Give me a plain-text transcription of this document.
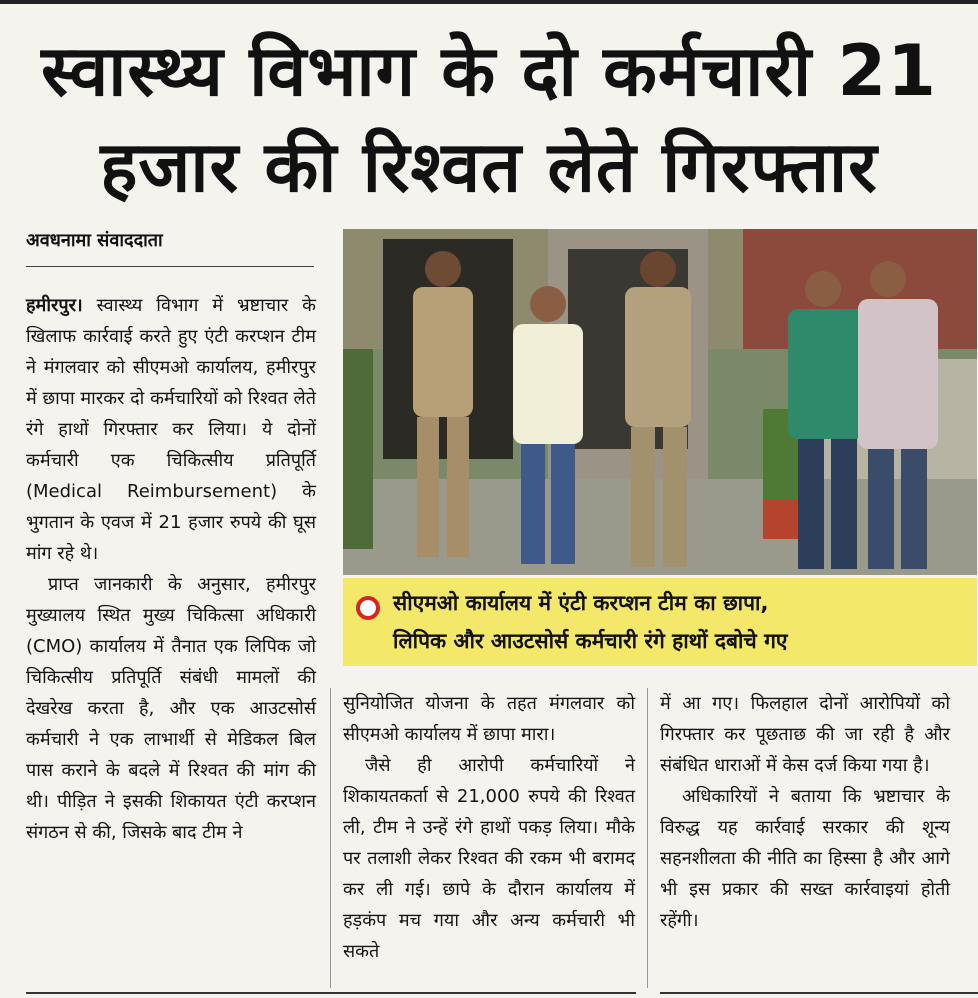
स्वास्थ्य विभाग के दो कर्मचारी 21
हजार की रिश्वत लेते गिरफ्तार
अवधनामा संवाददाता

हमीरपुर। स्वास्थ्य विभाग में भ्रष्टाचार के खिलाफ कार्रवाई करते हुए एंटी करप्शन टीम ने मंगलवार को सीएमओ कार्यालय, हमीरपुर में छापा मारकर दो कर्मचारियों को रिश्वत लेते रंगे हाथों गिरफ्तार कर लिया। ये दोनों कर्मचारी एक चिकित्सीय प्रतिपूर्ति (Medical Reimbursement) के भुगतान के एवज में 21 हजार रुपये की घूस मांग रहे थे।

प्राप्त जानकारी के अनुसार, हमीरपुर मुख्यालय स्थित मुख्य चिकित्सा अधिकारी (CMO) कार्यालय में तैनात एक लिपिक जो चिकित्सीय प्रतिपूर्ति संबंधी मामलों की देखरेख करता है, और एक आउटसोर्स कर्मचारी ने एक लाभार्थी से मेडिकल बिल पास कराने के बदले में रिश्वत की मांग की थी। पीड़ित ने इसकी शिकायत एंटी करप्शन संगठन से की, जिसके बाद टीम ने

सीएमओ कार्यालय में एंटी करप्शन टीम का छापा,
लिपिक और आउटसोर्स कर्मचारी रंगे हाथों दबोचे गए

सुनियोजित योजना के तहत मंगलवार को सीएमओ कार्यालय में छापा मारा।

जैसे ही आरोपी कर्मचारियों ने शिकायतकर्ता से 21,000 रुपये की रिश्वत ली, टीम ने उन्हें रंगे हाथों पकड़ लिया। मौके पर तलाशी लेकर रिश्वत की रकम भी बरामद कर ली गई। छापे के दौरान कार्यालय में हड़कंप मच गया और अन्य कर्मचारी भी सकते

में आ गए। फिलहाल दोनों आरोपियों को गिरफ्तार कर पूछताछ की जा रही है और संबंधित धाराओं में केस दर्ज किया गया है।

अधिकारियों ने बताया कि भ्रष्टाचार के विरुद्ध यह कार्रवाई सरकार की शून्य सहनशीलता की नीति का हिस्सा है और आगे भी इस प्रकार की सख्त कार्रवाइयां होती रहेंगी।
